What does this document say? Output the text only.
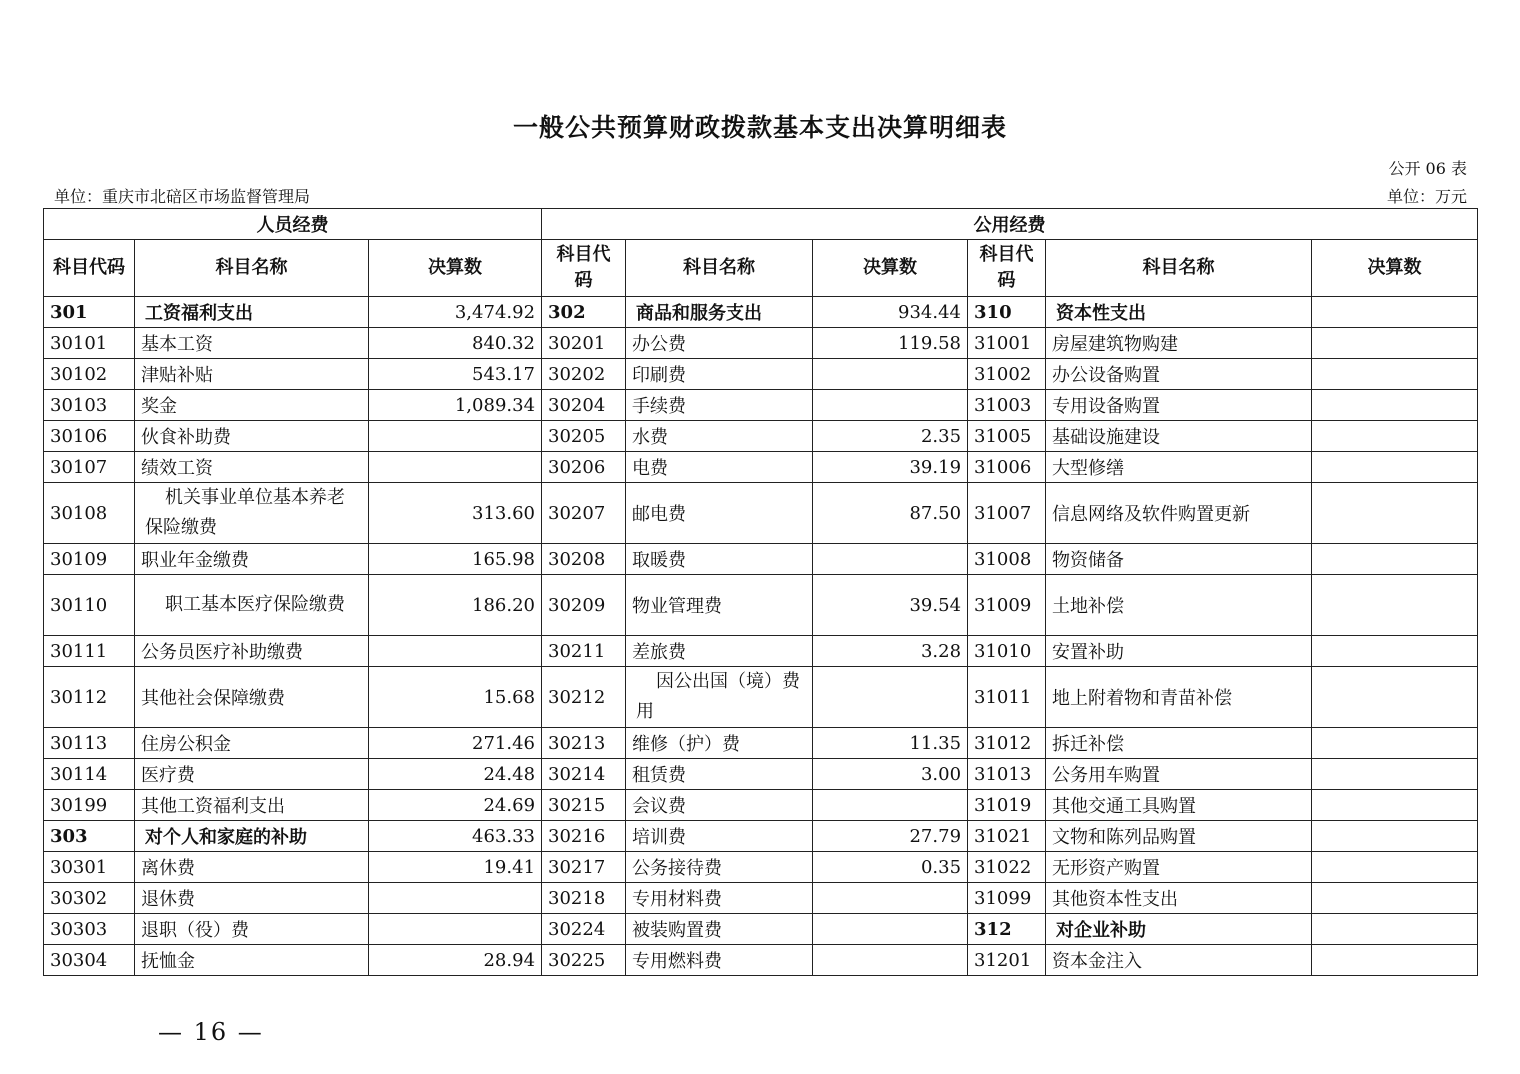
一般公共预算财政拨款基本支出决算明细表
公开 06 表
单位：重庆市北碚区市场监督管理局	单位：万元
人员经费			公用经费					
科目代码	科目名称	决算数	科目代码	科目名称	决算数	科目代码	科目名称	决算数
301	工资福利支出	3,474.92	302	商品和服务支出	934.44	310	资本性支出	
30101	基本工资	840.32	30201	办公费	119.58	31001	房屋建筑物购建	
30102	津贴补贴	543.17	30202	印刷费		31002	办公设备购置	
30103	奖金	1,089.34	30204	手续费		31003	专用设备购置	
30106	伙食补助费		30205	水费	2.35	31005	基础设施建设	
30107	绩效工资		30206	电费	39.19	31006	大型修缮	
30108	机关事业单位基本养老保险缴费	313.60	30207	邮电费	87.50	31007	信息网络及软件购置更新	
30109	职业年金缴费	165.98	30208	取暖费		31008	物资储备	
30110	职工基本医疗保险缴费	186.20	30209	物业管理费	39.54	31009	土地补偿	
30111	公务员医疗补助缴费		30211	差旅费	3.28	31010	安置补助	
30112	其他社会保障缴费	15.68	30212	因公出国（境）费用		31011	地上附着物和青苗补偿	
30113	住房公积金	271.46	30213	维修（护）费	11.35	31012	拆迁补偿	
30114	医疗费	24.48	30214	租赁费	3.00	31013	公务用车购置	
30199	其他工资福利支出	24.69	30215	会议费		31019	其他交通工具购置	
303	对个人和家庭的补助	463.33	30216	培训费	27.79	31021	文物和陈列品购置	
30301	离休费	19.41	30217	公务接待费	0.35	31022	无形资产购置	
30302	退休费		30218	专用材料费		31099	其他资本性支出	
30303	退职（役）费		30224	被装购置费		312	对企业补助	
30304	抚恤金	28.94	30225	专用燃料费		31201	资本金注入	
— 16 —
